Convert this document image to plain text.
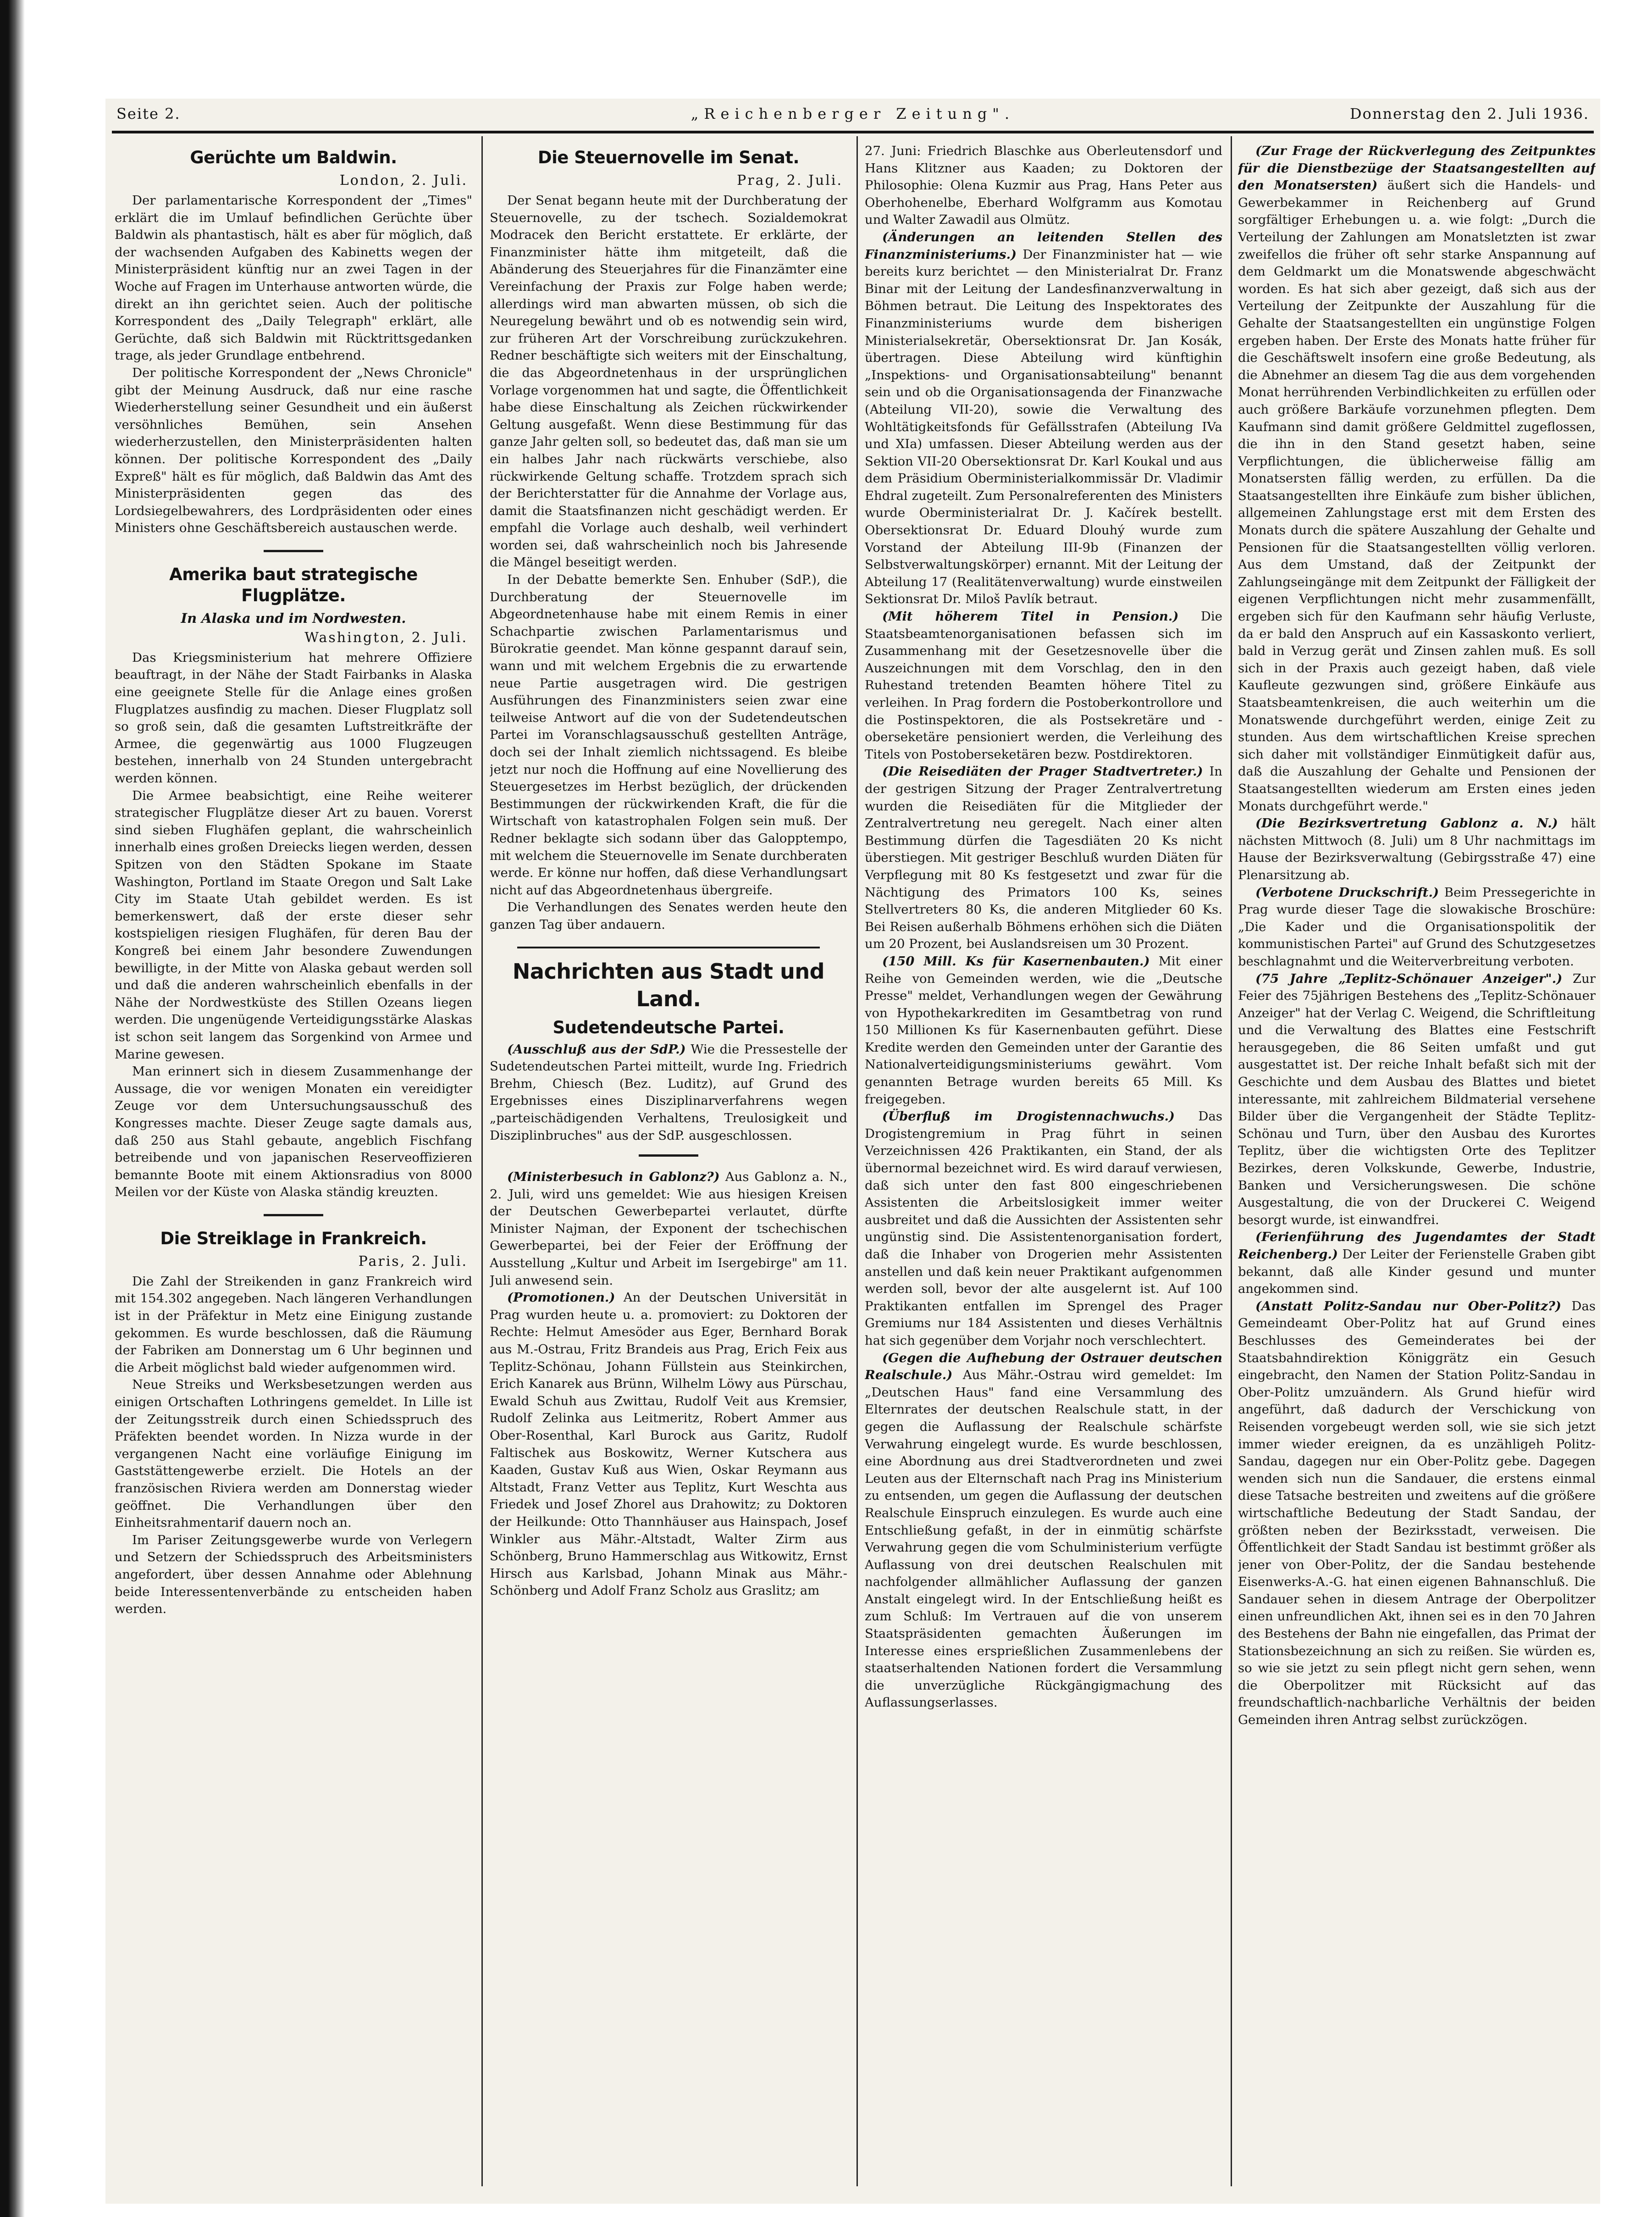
Seite 2.	„Reichenberger Zeitung".	Donnerstag den 2. Juli 1936.
Gerüchte um Baldwin.
London, 2. Juli.

Der parlamentarische Korrespondent der „Times" erklärt die im Umlauf befindlichen Gerüchte über Baldwin als phantastisch, hält es aber für möglich, daß der wachsenden Aufgaben des Kabinetts wegen der Ministerpräsident künftig nur an zwei Tagen in der Woche auf Fragen im Unterhause antworten würde, die direkt an ihn gerichtet seien. Auch der politische Korrespondent des „Daily Telegraph" erklärt, alle Gerüchte, daß sich Baldwin mit Rücktrittsgedanken trage, als jeder Grundlage entbehrend.

Der politische Korrespondent der „News Chronicle" gibt der Meinung Ausdruck, daß nur eine rasche Wiederherstellung seiner Gesundheit und ein äußerst versöhnliches Bemühen, sein Ansehen wiederherzustellen, den Ministerpräsidenten halten können. Der politische Korrespondent des „Daily Expreß" hält es für möglich, daß Baldwin das Amt des Ministerpräsidenten gegen das des Lordsiegelbewahrers, des Lordpräsidenten oder eines Ministers ohne Geschäftsbereich austauschen werde.

Amerika baut strategische Flugplätze.
In Alaska und im Nordwesten.
Washington, 2. Juli.

Das Kriegsministerium hat mehrere Offiziere beauftragt, in der Nähe der Stadt Fairbanks in Alaska eine geeignete Stelle für die Anlage eines großen Flugplatzes ausfindig zu machen. Dieser Flugplatz soll so groß sein, daß die gesamten Luftstreitkräfte der Armee, die gegenwärtig aus 1000 Flugzeugen bestehen, innerhalb von 24 Stunden untergebracht werden können.

Die Armee beabsichtigt, eine Reihe weiterer strategischer Flugplätze dieser Art zu bauen. Vorerst sind sieben Flughäfen geplant, die wahrscheinlich innerhalb eines großen Dreiecks liegen werden, dessen Spitzen von den Städten Spokane im Staate Washington, Portland im Staate Oregon und Salt Lake City im Staate Utah gebildet werden. Es ist bemerkenswert, daß der erste dieser sehr kostspieligen riesigen Flughäfen, für deren Bau der Kongreß bei einem Jahr besondere Zuwendungen bewilligte, in der Mitte von Alaska gebaut werden soll und daß die anderen wahrscheinlich ebenfalls in der Nähe der Nordwestküste des Stillen Ozeans liegen werden. Die ungenügende Verteidigungsstärke Alaskas ist schon seit langem das Sorgenkind von Armee und Marine gewesen.

Man erinnert sich in diesem Zusammenhange der Aussage, die vor wenigen Monaten ein vereidigter Zeuge vor dem Untersuchungsausschuß des Kongresses machte. Dieser Zeuge sagte damals aus, daß 250 aus Stahl gebaute, angeblich Fischfang betreibende und von japanischen Reserveoffizieren bemannte Boote mit einem Aktionsradius von 8000 Meilen vor der Küste von Alaska ständig kreuzten.

Die Streiklage in Frankreich.
Paris, 2. Juli.

Die Zahl der Streikenden in ganz Frankreich wird mit 154.302 angegeben. Nach längeren Verhandlungen ist in der Präfektur in Metz eine Einigung zustande gekommen. Es wurde beschlossen, daß die Räumung der Fabriken am Donnerstag um 6 Uhr beginnen und die Arbeit möglichst bald wieder aufgenommen wird.

Neue Streiks und Werksbesetzungen werden aus einigen Ortschaften Lothringens gemeldet. In Lille ist der Zeitungsstreik durch einen Schiedsspruch des Präfekten beendet worden. In Nizza wurde in der vergangenen Nacht eine vorläufige Einigung im Gaststättengewerbe erzielt. Die Hotels an der französischen Riviera werden am Donnerstag wieder geöffnet. Die Verhandlungen über den Einheitsrahmentarif dauern noch an.

Im Pariser Zeitungsgewerbe wurde von Verlegern und Setzern der Schiedsspruch des Arbeitsministers angefordert, über dessen Annahme oder Ablehnung beide Interessentenverbände zu entscheiden haben werden.

Die Steuernovelle im Senat.
Prag, 2. Juli.

Der Senat begann heute mit der Durchberatung der Steuernovelle, zu der tschech. Sozialdemokrat Modracek den Bericht erstattete. Er erklärte, der Finanzminister hätte ihm mitgeteilt, daß die Abänderung des Steuerjahres für die Finanzämter eine Vereinfachung der Praxis zur Folge haben werde; allerdings wird man abwarten müssen, ob sich die Neuregelung bewährt und ob es notwendig sein wird, zur früheren Art der Vorschreibung zurückzukehren. Redner beschäftigte sich weiters mit der Einschaltung, die das Abgeordnetenhaus in der ursprünglichen Vorlage vorgenommen hat und sagte, die Öffentlichkeit habe diese Einschaltung als Zeichen rückwirkender Geltung ausgefaßt. Wenn diese Bestimmung für das ganze Jahr gelten soll, so bedeutet das, daß man sie um ein halbes Jahr nach rückwärts verschiebe, also rückwirkende Geltung schaffe. Trotzdem sprach sich der Berichterstatter für die Annahme der Vorlage aus, damit die Staatsfinanzen nicht geschädigt werden. Er empfahl die Vorlage auch deshalb, weil verhindert worden sei, daß wahrscheinlich noch bis Jahresende die Mängel beseitigt werden.

In der Debatte bemerkte Sen. Enhuber (SdP.), die Durchberatung der Steuernovelle im Abgeordnetenhause habe mit einem Remis in einer Schachpartie zwischen Parlamentarismus und Bürokratie geendet. Man könne gespannt darauf sein, wann und mit welchem Ergebnis die zu erwartende neue Partie ausgetragen wird. Die gestrigen Ausführungen des Finanzministers seien zwar eine teilweise Antwort auf die von der Sudetendeutschen Partei im Voranschlagsausschuß gestellten Anträge, doch sei der Inhalt ziemlich nichtssagend. Es bleibe jetzt nur noch die Hoffnung auf eine Novellierung des Steuergesetzes im Herbst bezüglich, der drückenden Bestimmungen der rückwirkenden Kraft, die für die Wirtschaft von katastrophalen Folgen sein muß. Der Redner beklagte sich sodann über das Galopptempo, mit welchem die Steuernovelle im Senate durchberaten werde. Er könne nur hoffen, daß diese Verhandlungsart nicht auf das Abgeordnetenhaus übergreife.

Die Verhandlungen des Senates werden heute den ganzen Tag über andauern.

Nachrichten aus Stadt und Land.
Sudetendeutsche Partei.

(Ausschluß aus der SdP.) Wie die Pressestelle der Sudetendeutschen Partei mitteilt, wurde Ing. Friedrich Brehm, Chiesch (Bez. Luditz), auf Grund des Ergebnisses eines Disziplinarverfahrens wegen „parteischädigenden Verhaltens, Treulosigkeit und Disziplinbruches" aus der SdP. ausgeschlossen.

(Ministerbesuch in Gablonz?) Aus Gablonz a. N., 2. Juli, wird uns gemeldet: Wie aus hiesigen Kreisen der Deutschen Gewerbepartei verlautet, dürfte Minister Najman, der Exponent der tschechischen Gewerbepartei, bei der Feier der Eröffnung der Ausstellung „Kultur und Arbeit im Isergebirge" am 11. Juli anwesend sein.

(Promotionen.) An der Deutschen Universität in Prag wurden heute u. a. promoviert: zu Doktoren der Rechte: Helmut Amesöder aus Eger, Bernhard Borak aus M.-Ostrau, Fritz Brandeis aus Prag, Erich Feix aus Teplitz-Schönau, Johann Füllstein aus Steinkirchen, Erich Kanarek aus Brünn, Wilhelm Löwy aus Pürschau, Ewald Schuh aus Zwittau, Rudolf Veit aus Kremsier, Rudolf Zelinka aus Leitmeritz, Robert Ammer aus Ober-Rosenthal, Karl Burock aus Garitz, Rudolf Faltischek aus Boskowitz, Werner Kutschera aus Kaaden, Gustav Kuß aus Wien, Oskar Reymann aus Altstadt, Franz Vetter aus Teplitz, Kurt Weschta aus Friedek und Josef Zhorel aus Drahowitz; zu Doktoren der Heilkunde: Otto Thannhäuser aus Hainspach, Josef Winkler aus Mähr.-Altstadt, Walter Zirm aus Schönberg, Bruno Hammerschlag aus Witkowitz, Ernst Hirsch aus Karlsbad, Johann Minak aus Mähr.-Schönberg und Adolf Franz Scholz aus Graslitz; am

27. Juni: Friedrich Blaschke aus Oberleutensdorf und Hans Klitzner aus Kaaden; zu Doktoren der Philosophie: Olena Kuzmir aus Prag, Hans Peter aus Oberhohenelbe, Eberhard Wolfgramm aus Komotau und Walter Zawadil aus Olmütz.

(Änderungen an leitenden Stellen des Finanzministeriums.) Der Finanzminister hat — wie bereits kurz berichtet — den Ministerialrat Dr. Franz Binar mit der Leitung der Landesfinanzverwaltung in Böhmen betraut. Die Leitung des Inspektorates des Finanzministeriums wurde dem bisherigen Ministerialsekretär, Obersektionsrat Dr. Jan Kosák, übertragen. Diese Abteilung wird künftighin „Inspektions- und Organisationsabteilung" benannt sein und ob die Organisationsagenda der Finanzwache (Abteilung VII-20), sowie die Verwaltung des Wohltätigkeitsfonds für Gefällsstrafen (Abteilung IVa und XIa) umfassen. Dieser Abteilung werden aus der Sektion VII-20 Obersektionsrat Dr. Karl Koukal und aus dem Präsidium Oberministerialkommissär Dr. Vladimir Ehdral zugeteilt. Zum Personalreferenten des Ministers wurde Oberministerialrat Dr. J. Kačírek bestellt. Obersektionsrat Dr. Eduard Dlouhý wurde zum Vorstand der Abteilung III-9b (Finanzen der Selbstverwaltungskörper) ernannt. Mit der Leitung der Abteilung 17 (Realitätenverwaltung) wurde einstweilen Sektionsrat Dr. Miloš Pavlík betraut.

(Mit höherem Titel in Pension.) Die Staatsbeamtenorganisationen befassen sich im Zusammenhang mit der Gesetzesnovelle über die Auszeichnungen mit dem Vorschlag, den in den Ruhestand tretenden Beamten höhere Titel zu verleihen. In Prag fordern die Postoberkontrollore und die Postinspektoren, die als Postsekretäre und -oberseketäre pensioniert werden, die Verleihung des Titels von Postoberseketären bezw. Postdirektoren.

(Die Reisediäten der Prager Stadtvertreter.) In der gestrigen Sitzung der Prager Zentralvertretung wurden die Reisediäten für die Mitglieder der Zentralvertretung neu geregelt. Nach einer alten Bestimmung dürfen die Tagesdiäten 20 Ks nicht überstiegen. Mit gestriger Beschluß wurden Diäten für Verpflegung mit 80 Ks festgesetzt und zwar für die Nächtigung des Primators 100 Ks, seines Stellvertreters 80 Ks, die anderen Mitglieder 60 Ks. Bei Reisen außerhalb Böhmens erhöhen sich die Diäten um 20 Prozent, bei Auslandsreisen um 30 Prozent.

(150 Mill. Ks für Kasernenbauten.) Mit einer Reihe von Gemeinden werden, wie die „Deutsche Presse" meldet, Verhandlungen wegen der Gewährung von Hypothekarkrediten im Gesamtbetrag von rund 150 Millionen Ks für Kasernenbauten geführt. Diese Kredite werden den Gemeinden unter der Garantie des Nationalverteidigungsministeriums gewährt. Vom genannten Betrage wurden bereits 65 Mill. Ks freigegeben.

(Überfluß im Drogistennachwuchs.) Das Drogistengremium in Prag führt in seinen Verzeichnissen 426 Praktikanten, ein Stand, der als übernormal bezeichnet wird. Es wird darauf verwiesen, daß sich unter den fast 800 eingeschriebenen Assistenten die Arbeitslosigkeit immer weiter ausbreitet und daß die Aussichten der Assistenten sehr ungünstig sind. Die Assistentenorganisation fordert, daß die Inhaber von Drogerien mehr Assistenten anstellen und daß kein neuer Praktikant aufgenommen werden soll, bevor der alte ausgelernt ist. Auf 100 Praktikanten entfallen im Sprengel des Prager Gremiums nur 184 Assistenten und dieses Verhältnis hat sich gegenüber dem Vorjahr noch verschlechtert.

(Gegen die Aufhebung der Ostrauer deutschen Realschule.) Aus Mähr.-Ostrau wird gemeldet: Im „Deutschen Haus" fand eine Versammlung des Elternrates der deutschen Realschule statt, in der gegen die Auflassung der Realschule schärfste Verwahrung eingelegt wurde. Es wurde beschlossen, eine Abordnung aus drei Stadtverordneten und zwei Leuten aus der Elternschaft nach Prag ins Ministerium zu entsenden, um gegen die Auflassung der deutschen Realschule Einspruch einzulegen. Es wurde auch eine Entschließung gefaßt, in der in einmütig schärfste Verwahrung gegen die vom Schulministerium verfügte Auflassung von drei deutschen Realschulen mit nachfolgender allmählicher Auflassung der ganzen Anstalt eingelegt wird. In der Entschließung heißt es zum Schluß: Im Vertrauen auf die von unserem Staatspräsidenten gemachten Äußerungen im Interesse eines ersprießlichen Zusammenlebens der staatserhaltenden Nationen fordert die Versammlung die unverzügliche Rückgängigmachung des Auflassungserlasses.

(Zur Frage der Rückverlegung des Zeitpunktes für die Dienstbezüge der Staatsangestellten auf den Monatsersten) äußert sich die Handels- und Gewerbekammer in Reichenberg auf Grund sorgfältiger Erhebungen u. a. wie folgt: „Durch die Verteilung der Zahlungen am Monatsletzten ist zwar zweifellos die früher oft sehr starke Anspannung auf dem Geldmarkt um die Monatswende abgeschwächt worden. Es hat sich aber gezeigt, daß sich aus der Verteilung der Zeitpunkte der Auszahlung für die Gehalte der Staatsangestellten ein ungünstige Folgen ergeben haben. Der Erste des Monats hatte früher für die Geschäftswelt insofern eine große Bedeutung, als die Abnehmer an diesem Tag die aus dem vorgehenden Monat herrührenden Verbindlichkeiten zu erfüllen oder auch größere Barkäufe vorzunehmen pflegten. Dem Kaufmann sind damit größere Geldmittel zugeflossen, die ihn in den Stand gesetzt haben, seine Verpflichtungen, die üblicherweise fällig am Monatsersten fällig werden, zu erfüllen. Da die Staatsangestellten ihre Einkäufe zum bisher üblichen, allgemeinen Zahlungstage erst mit dem Ersten des Monats durch die spätere Auszahlung der Gehalte und Pensionen für die Staatsangestellten völlig verloren. Aus dem Umstand, daß der Zeitpunkt der Zahlungseingänge mit dem Zeitpunkt der Fälligkeit der eigenen Verpflichtungen nicht mehr zusammenfällt, ergeben sich für den Kaufmann sehr häufig Verluste, da er bald den Anspruch auf ein Kassaskonto verliert, bald in Verzug gerät und Zinsen zahlen muß. Es soll sich in der Praxis auch gezeigt haben, daß viele Kaufleute gezwungen sind, größere Einkäufe aus Staatsbeamtenkreisen, die auch weiterhin um die Monatswende durchgeführt werden, einige Zeit zu stunden. Aus dem wirtschaftlichen Kreise sprechen sich daher mit vollständiger Einmütigkeit dafür aus, daß die Auszahlung der Gehalte und Pensionen der Staatsangestellten wiederum am Ersten eines jeden Monats durchgeführt werde."

(Die Bezirksvertretung Gablonz a. N.) hält nächsten Mittwoch (8. Juli) um 8 Uhr nachmittags im Hause der Bezirksverwaltung (Gebirgsstraße 47) eine Plenarsitzung ab.

(Verbotene Druckschrift.) Beim Pressegerichte in Prag wurde dieser Tage die slowakische Broschüre: „Die Kader und die Organisationspolitik der kommunistischen Partei" auf Grund des Schutzgesetzes beschlagnahmt und die Weiterverbreitung verboten.

(75 Jahre „Teplitz-Schönauer Anzeiger".) Zur Feier des 75jährigen Bestehens des „Teplitz-Schönauer Anzeiger" hat der Verlag C. Weigend, die Schriftleitung und die Verwaltung des Blattes eine Festschrift herausgegeben, die 86 Seiten umfaßt und gut ausgestattet ist. Der reiche Inhalt befaßt sich mit der Geschichte und dem Ausbau des Blattes und bietet interessante, mit zahlreichem Bildmaterial versehene Bilder über die Vergangenheit der Städte Teplitz-Schönau und Turn, über den Ausbau des Kurortes Teplitz, über die wichtigsten Orte des Teplitzer Bezirkes, deren Volkskunde, Gewerbe, Industrie, Banken und Versicherungswesen. Die schöne Ausgestaltung, die von der Druckerei C. Weigend besorgt wurde, ist einwandfrei.

(Ferienführung des Jugendamtes der Stadt Reichenberg.) Der Leiter der Ferienstelle Graben gibt bekannt, daß alle Kinder gesund und munter angekommen sind.

(Anstatt Politz-Sandau nur Ober-Politz?) Das Gemeindeamt Ober-Politz hat auf Grund eines Beschlusses des Gemeinderates bei der Staatsbahndirektion Königgrätz ein Gesuch eingebracht, den Namen der Station Politz-Sandau in Ober-Politz umzuändern. Als Grund hiefür wird angeführt, daß dadurch der Verschickung von Reisenden vorgebeugt werden soll, wie sie sich jetzt immer wieder ereignen, da es unzähligeh Politz-Sandau, dagegen nur ein Ober-Politz gebe. Dagegen wenden sich nun die Sandauer, die erstens einmal diese Tatsache bestreiten und zweitens auf die größere wirtschaftliche Bedeutung der Stadt Sandau, der größten neben der Bezirksstadt, verweisen. Die Öffentlichkeit der Stadt Sandau ist bestimmt größer als jener von Ober-Politz, der die Sandau bestehende Eisenwerks-A.-G. hat einen eigenen Bahnanschluß. Die Sandauer sehen in diesem Antrage der Oberpolitzer einen unfreundlichen Akt, ihnen sei es in den 70 Jahren des Bestehens der Bahn nie eingefallen, das Primat der Stationsbezeichnung an sich zu reißen. Sie würden es, so wie sie jetzt zu sein pflegt nicht gern sehen, wenn die Oberpolitzer mit Rücksicht auf das freundschaftlich-nachbarliche Verhältnis der beiden Gemeinden ihren Antrag selbst zurückzögen.
